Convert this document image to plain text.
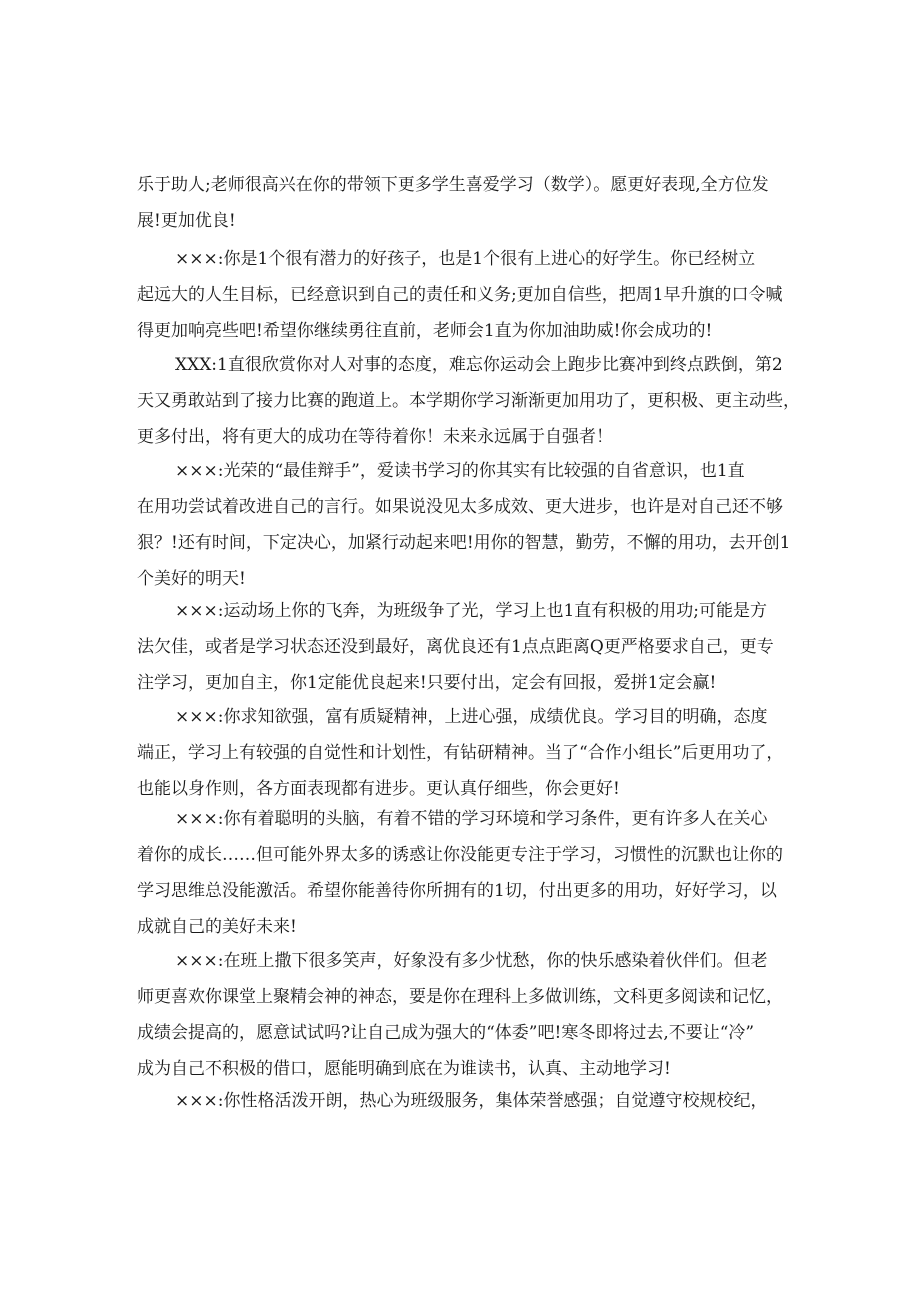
乐于助人;老师很高兴在你的带领下更多学生喜爱学习（数学）。愿更好表现,全方位发
展!更加优良!
×××:你是1个很有潜力的好孩子，也是1个很有上进心的好学生。你已经树立
起远大的人生目标，已经意识到自己的责任和义务;更加自信些，把周1早升旗的口令喊
得更加响亮些吧!希望你继续勇往直前，老师会1直为你加油助威!你会成功的!
XXX:1直很欣赏你对人对事的态度，难忘你运动会上跑步比赛冲到终点跌倒，第2
天又勇敢站到了接力比赛的跑道上。本学期你学习渐渐更加用功了，更积极、更主动些，
更多付出，将有更大的成功在等待着你！未来永远属于自强者！
×××:光荣的“最佳辩手”，爱读书学习的你其实有比较强的自省意识，也1直
在用功尝试着改进自己的言行。如果说没见太多成效、更大进步，也许是对自己还不够
狠？!还有时间，下定决心，加紧行动起来吧!用你的智慧，勤劳，不懈的用功，去开创1
个美好的明天!
×××:运动场上你的飞奔，为班级争了光，学习上也1直有积极的用功;可能是方
法欠佳，或者是学习状态还没到最好，离优良还有1点点距离Q更严格要求自己，更专
注学习，更加自主，你1定能优良起来!只要付出，定会有回报，爱拼1定会赢!
×××:你求知欲强，富有质疑精神，上进心强，成绩优良。学习目的明确，态度
端正，学习上有较强的自觉性和计划性，有钻研精神。当了“合作小组长”后更用功了，
也能以身作则，各方面表现都有进步。更认真仔细些，你会更好!
×××:你有着聪明的头脑，有着不错的学习环境和学习条件，更有许多人在关心
着你的成长……但可能外界太多的诱惑让你没能更专注于学习，习惯性的沉默也让你的
学习思维总没能激活。希望你能善待你所拥有的1切，付出更多的用功，好好学习，以
成就自己的美好未来!
×××:在班上撒下很多笑声，好象没有多少忧愁，你的快乐感染着伙伴们。但老
师更喜欢你课堂上聚精会神的神态，要是你在理科上多做训练，文科更多阅读和记忆，
成绩会提高的，愿意试试吗?让自己成为强大的“体委”吧!寒冬即将过去,不要让“冷”
成为自己不积极的借口，愿能明确到底在为谁读书，认真、主动地学习!
×××:你性格活泼开朗，热心为班级服务，集体荣誉感强；自觉遵守校规校纪，
